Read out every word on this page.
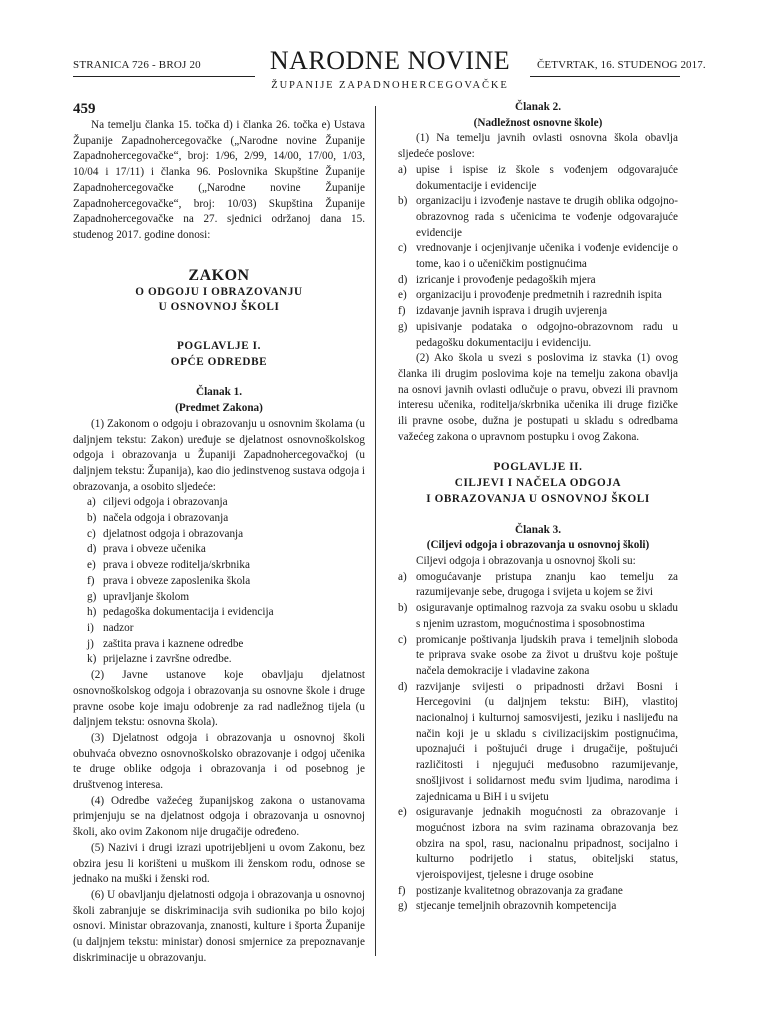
STRANICA 726 - BROJ 20	NARODNE NOVINE
ŽUPANIJE ZAPADNOHERCEGOVAČKE
ČETVRTAK, 16. STUDENOG 2017.

459

Na temelju članka 15. točka d) i članka 26. točka e) Ustava Županije Zapadnohercegovačke („Narodne novine Županije Zapadnohercegovačke“, broj: 1/96, 2/99, 14/00, 17/00, 1/03, 10/04 i 17/11) i članka 96. Poslovnika Skupštine Županije Zapadnohercegovačke („Narodne novine Županije Zapadnohercegovačke“, broj: 10/03) Skupština Županije Zapadnohercegovačke na 27. sjednici održanoj dana 15. studenog 2017. godine donosi:

ZAKON

O ODGOJU I OBRAZOVANJU

U OSNOVNOJ ŠKOLI

POGLAVLJE I.

OPĆE ODREDBE

Članak 1.

(Predmet Zakona)

(1) Zakonom o odgoju i obrazovanju u osnovnim školama (u daljnjem tekstu: Zakon) uređuje se djelatnost osnovnoškolskog odgoja i obrazovanja u Županiji Zapadnohercegovačkoj (u daljnjem tekstu: Županija), kao dio jedinstvenog sustava odgoja i obrazovanja, a osobito sljedeće:

a) ciljevi odgoja i obrazovanja
b) načela odgoja i obrazovanja
c) djelatnost odgoja i obrazovanja
d) prava i obveze učenika
e) prava i obveze roditelja/skrbnika
f) prava i obveze zaposlenika škola
g) upravljanje školom
h) pedagoška dokumentacija i evidencija
i) nadzor
j) zaštita prava i kaznene odredbe
k) prijelazne i završne odredbe.

(2) Javne ustanove koje obavljaju djelatnost osnovnoškolskog odgoja i obrazovanja su osnovne škole i druge pravne osobe koje imaju odobrenje za rad nadležnog tijela (u daljnjem tekstu: osnovna škola).

(3) Djelatnost odgoja i obrazovanja u osnovnoj školi obuhvaća obvezno osnovnoškolsko obrazovanje i odgoj učenika te druge oblike odgoja i obrazovanja i od posebnog je društvenog interesa.

(4) Odredbe važećeg županijskog zakona o ustanovama primjenjuju se na djelatnost odgoja i obrazovanja u osnovnoj školi, ako ovim Zakonom nije drugačije određeno.

(5) Nazivi i drugi izrazi upotrijebljeni u ovom Zakonu, bez obzira jesu li korišteni u muškom ili ženskom rodu, odnose se jednako na muški i ženski rod.

(6) U obavljanju djelatnosti odgoja i obrazovanja u osnovnoj školi zabranjuje se diskriminacija svih sudionika po bilo kojoj osnovi. Ministar obrazovanja, znanosti, kulture i športa Županije (u daljnjem tekstu: ministar) donosi smjernice za prepoznavanje diskriminacije u obrazovanju.

Članak 2.

(Nadležnost osnovne škole)

(1) Na temelju javnih ovlasti osnovna škola obavlja sljedeće poslove:

a) upise i ispise iz škole s vođenjem odgovarajuće dokumentacije i evidencije
b) organizaciju i izvođenje nastave te drugih oblika odgojno-obrazovnog rada s učenicima te vođenje odgovarajuće evidencije
c) vrednovanje i ocjenjivanje učenika i vođenje evidencije o tome, kao i o učeničkim postignućima
d) izricanje i provođenje pedagoških mjera
e) organizaciju i provođenje predmetnih i razrednih ispita
f) izdavanje javnih isprava i drugih uvjerenja
g) upisivanje podataka o odgojno-obrazovnom radu u pedagošku dokumentaciju i evidenciju.

(2) Ako škola u svezi s poslovima iz stavka (1) ovog članka ili drugim poslovima koje na temelju zakona obavlja na osnovi javnih ovlasti odlučuje o pravu, obvezi ili pravnom interesu učenika, roditelja/skrbnika učenika ili druge fizičke ili pravne osobe, dužna je postupati u skladu s odredbama važećeg zakona o upravnom postupku i ovog Zakona.

POGLAVLJE II.

CILJEVI I NAČELA ODGOJA

I OBRAZOVANJA U OSNOVNOJ ŠKOLI

Članak 3.

(Ciljevi odgoja i obrazovanja u osnovnoj školi)

Ciljevi odgoja i obrazovanja u osnovnoj školi su:

a) omogućavanje pristupa znanju kao temelju za razumijevanje sebe, drugoga i svijeta u kojem se živi
b) osiguravanje optimalnog razvoja za svaku osobu u skladu s njenim uzrastom, mogućnostima i sposobnostima
c) promicanje poštivanja ljudskih prava i temeljnih sloboda te priprava svake osobe za život u društvu koje poštuje načela demokracije i vladavine zakona
d) razvijanje svijesti o pripadnosti državi Bosni i Hercegovini (u daljnjem tekstu: BiH), vlastitoj nacionalnoj i kulturnoj samosvijesti, jeziku i naslijeđu na način koji je u skladu s civilizacijskim postignućima, upoznajući i poštujući druge i drugačije, poštujući različitosti i njegujući međusobno razumijevanje, snošljivost i solidarnost među svim ljudima, narodima i zajednicama u BiH i u svijetu
e) osiguravanje jednakih mogućnosti za obrazovanje i mogućnost izbora na svim razinama obrazovanja bez obzira na spol, rasu, nacionalnu pripadnost, socijalno i kulturno podrijetlo i status, obiteljski status, vjeroispovijest, tjelesne i druge osobine
f) postizanje kvalitetnog obrazovanja za građane
g) stjecanje temeljnih obrazovnih kompetencija
